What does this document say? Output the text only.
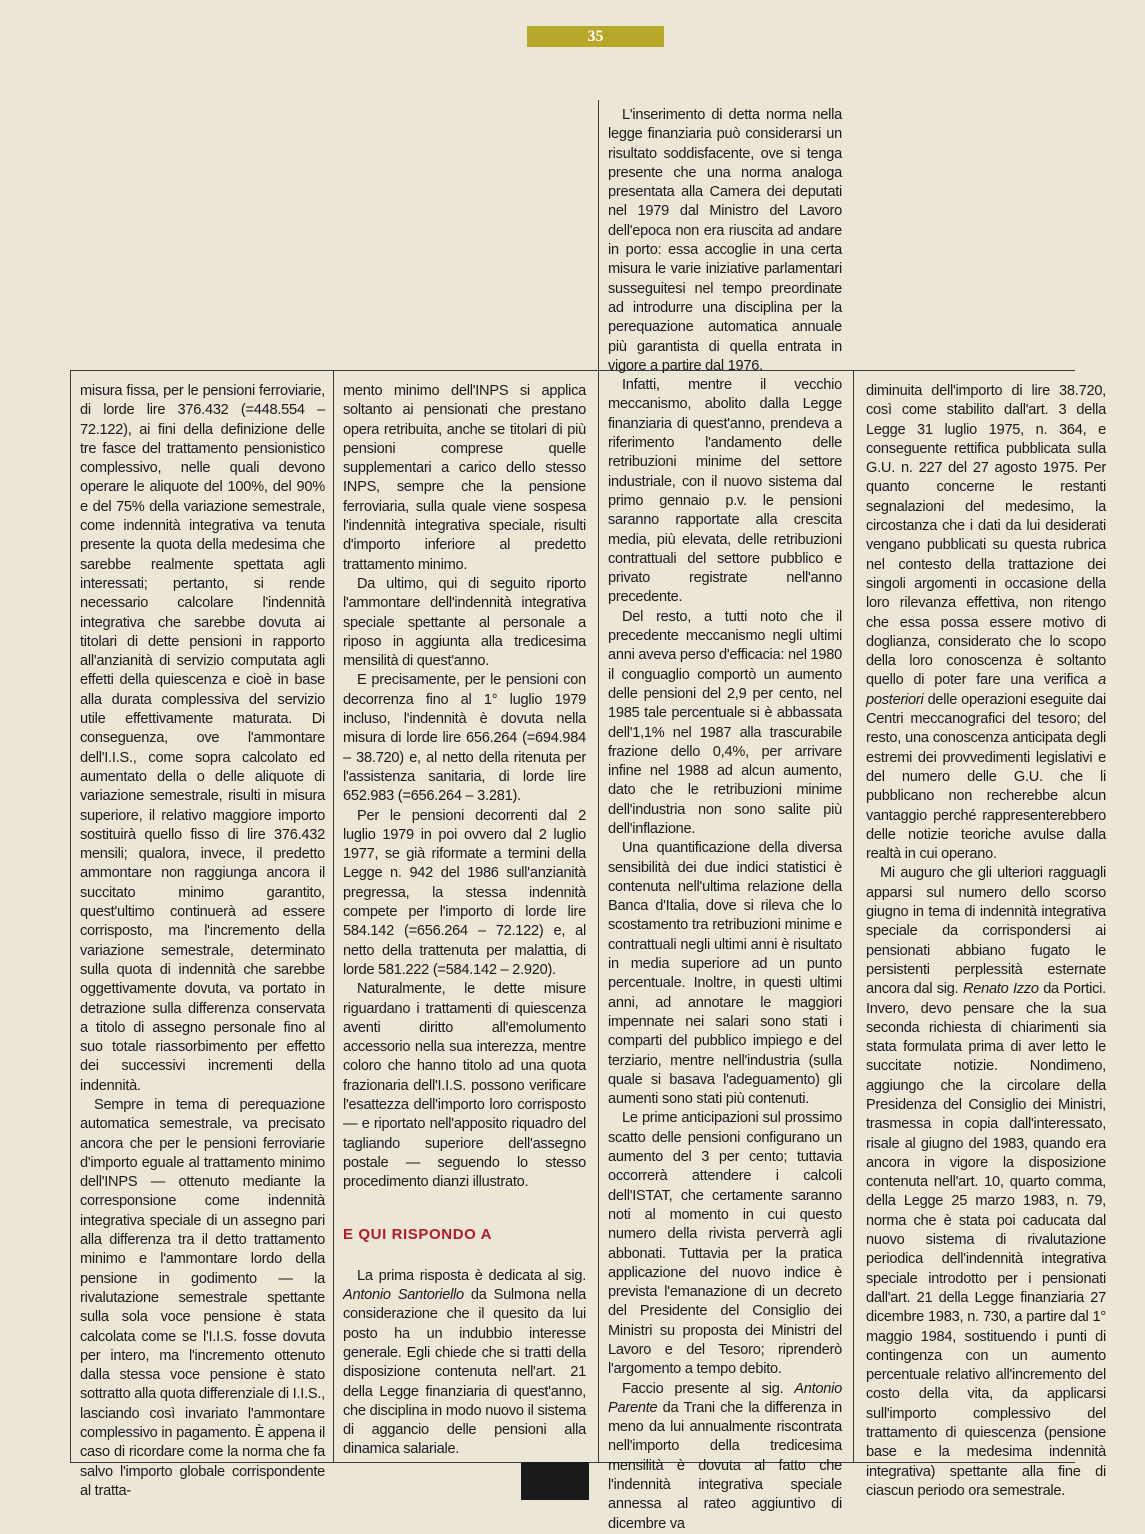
35

misura fissa, per le pensioni ferroviarie, di lorde lire 376.432 (=448.554 – 72.122), ai fini della definizione delle tre fasce del trattamento pensionistico complessivo, nelle quali devono operare le aliquote del 100%, del 90% e del 75% della variazione semestrale, come indennità integrativa va tenuta presente la quota della medesima che sarebbe realmente spettata agli interessati; pertanto, si rende necessario calcolare l'indennità integrativa che sarebbe dovuta ai titolari di dette pensioni in rapporto all'anzianità di servizio computata agli effetti della quiescenza e cioè in base alla durata complessiva del servizio utile effettivamente maturata. Di conseguenza, ove l'ammontare dell'I.I.S., come sopra calcolato ed aumentato della o delle aliquote di variazione semestrale, risulti in misura superiore, il relativo maggiore importo sostituirà quello fisso di lire 376.432 mensili; qualora, invece, il predetto ammontare non raggiunga ancora il succitato minimo garantito, quest'ultimo continuerà ad essere corrisposto, ma l'incremento della variazione semestrale, determinato sulla quota di indennità che sarebbe oggettivamente dovuta, va portato in detrazione sulla differenza conservata a titolo di assegno personale fino al suo totale riassorbimento per effetto dei successivi incrementi della indennità.

Sempre in tema di perequazione automatica semestrale, va precisato ancora che per le pensioni ferroviarie d'importo eguale al trattamento minimo dell'INPS — ottenuto mediante la corresponsione come indennità integrativa speciale di un assegno pari alla differenza tra il detto trattamento minimo e l'ammontare lordo della pensione in godimento — la rivalutazione semestrale spettante sulla sola voce pensione è stata calcolata come se l'I.I.S. fosse dovuta per intero, ma l'incremento ottenuto dalla stessa voce pensione è stato sottratto alla quota differenziale di I.I.S., lasciando così invariato l'ammontare complessivo in pagamento. È appena il caso di ricordare come la norma che fa salvo l'importo globale corrispondente al tratta-

mento minimo dell'INPS si applica soltanto ai pensionati che prestano opera retribuita, anche se titolari di più pensioni comprese quelle supplementari a carico dello stesso INPS, sempre che la pensione ferroviaria, sulla quale viene sospesa l'indennità integrativa speciale, risulti d'importo inferiore al predetto trattamento minimo.

Da ultimo, qui di seguito riporto l'ammontare dell'indennità integrativa speciale spettante al personale a riposo in aggiunta alla tredicesima mensilità di quest'anno.

E precisamente, per le pensioni con decorrenza fino al 1° luglio 1979 incluso, l'indennità è dovuta nella misura di lorde lire 656.264 (=694.984 – 38.720) e, al netto della ritenuta per l'assistenza sanitaria, di lorde lire 652.983 (=656.264 – 3.281).

Per le pensioni decorrenti dal 2 luglio 1979 in poi ovvero dal 2 luglio 1977, se già riformate a termini della Legge n. 942 del 1986 sull'anzianità pregressa, la stessa indennità compete per l'importo di lorde lire 584.142 (=656.264 – 72.122) e, al netto della trattenuta per malattia, di lorde 581.222 (=584.142 – 2.920).

Naturalmente, le dette misure riguardano i trattamenti di quiescenza aventi diritto all'emolumento accessorio nella sua interezza, mentre coloro che hanno titolo ad una quota frazionaria dell'I.I.S. possono verificare l'esattezza dell'importo loro corrisposto — e riportato nell'apposito riquadro del tagliando superiore dell'assegno postale — seguendo lo stesso procedimento dianzi illustrato.

E QUI RISPONDO A

La prima risposta è dedicata al sig. Antonio Santoriello da Sulmona nella considerazione che il quesito da lui posto ha un indubbio interesse generale. Egli chiede che si tratti della disposizione contenuta nell'art. 21 della Legge finanziaria di quest'anno, che disciplina in modo nuovo il sistema di aggancio delle pensioni alla dinamica salariale.

L'inserimento di detta norma nella legge finanziaria può considerarsi un risultato soddisfacente, ove si tenga presente che una norma analoga presentata alla Camera dei deputati nel 1979 dal Ministro del Lavoro dell'epoca non era riuscita ad andare in porto: essa accoglie in una certa misura le varie iniziative parlamentari susseguitesi nel tempo preordinate ad introdurre una disciplina per la perequazione automatica annuale più garantista di quella entrata in vigore a partire dal 1976.

Infatti, mentre il vecchio meccanismo, abolito dalla Legge finanziaria di quest'anno, prendeva a riferimento l'andamento delle retribuzioni minime del settore industriale, con il nuovo sistema dal primo gennaio p.v. le pensioni saranno rapportate alla crescita media, più elevata, delle retribuzioni contrattuali del settore pubblico e privato registrate nell'anno precedente.

Del resto, a tutti noto che il precedente meccanismo negli ultimi anni aveva perso d'efficacia: nel 1980 il conguaglio comportò un aumento delle pensioni del 2,9 per cento, nel 1985 tale percentuale si è abbassata dell'1,1% nel 1987 alla trascurabile frazione dello 0,4%, per arrivare infine nel 1988 ad alcun aumento, dato che le retribuzioni minime dell'industria non sono salite più dell'inflazione.

Una quantificazione della diversa sensibilità dei due indici statistici è contenuta nell'ultima relazione della Banca d'Italia, dove si rileva che lo scostamento tra retribuzioni minime e contrattuali negli ultimi anni è risultato in media superiore ad un punto percentuale. Inoltre, in questi ultimi anni, ad annotare le maggiori impennate nei salari sono stati i comparti del pubblico impiego e del terziario, mentre nell'industria (sulla quale si basava l'adeguamento) gli aumenti sono stati più contenuti.

Le prime anticipazioni sul prossimo scatto delle pensioni configurano un aumento del 3 per cento; tuttavia occorrerà attendere i calcoli dell'ISTAT, che certamente saranno noti al momento in cui questo numero della rivista perverrà agli abbonati. Tuttavia per la pratica applicazione del nuovo indice è prevista l'emanazione di un decreto del Presidente del Consiglio dei Ministri su proposta dei Ministri del Lavoro e del Tesoro; riprenderò l'argomento a tempo debito.

Faccio presente al sig. Antonio Parente da Trani che la differenza in meno da lui annualmente riscontrata nell'importo della tredicesima mensilità è dovuta al fatto che l'indennità integrativa speciale annessa al rateo aggiuntivo di dicembre va

diminuita dell'importo di lire 38.720, così come stabilito dall'art. 3 della Legge 31 luglio 1975, n. 364, e conseguente rettifica pubblicata sulla G.U. n. 227 del 27 agosto 1975. Per quanto concerne le restanti segnalazioni del medesimo, la circostanza che i dati da lui desiderati vengano pubblicati su questa rubrica nel contesto della trattazione dei singoli argomenti in occasione della loro rilevanza effettiva, non ritengo che essa possa essere motivo di doglianza, considerato che lo scopo della loro conoscenza è soltanto quello di poter fare una verifica a posteriori delle operazioni eseguite dai Centri meccanografici del tesoro; del resto, una conoscenza anticipata degli estremi dei provvedimenti legislativi e del numero delle G.U. che li pubblicano non recherebbe alcun vantaggio perché rappresenterebbero delle notizie teoriche avulse dalla realtà in cui operano.

Mi auguro che gli ulteriori ragguagli apparsi sul numero dello scorso giugno in tema di indennità integrativa speciale da corrispondersi ai pensionati abbiano fugato le persistenti perplessità esternate ancora dal sig. Renato Izzo da Portici. Invero, devo pensare che la sua seconda richiesta di chiarimenti sia stata formulata prima di aver letto le succitate notizie. Nondimeno, aggiungo che la circolare della Presidenza del Consiglio dei Ministri, trasmessa in copia dall'interessato, risale al giugno del 1983, quando era ancora in vigore la disposizione contenuta nell'art. 10, quarto comma, della Legge 25 marzo 1983, n. 79, norma che è stata poi caducata dal nuovo sistema di rivalutazione periodica dell'indennità integrativa speciale introdotto per i pensionati dall'art. 21 della Legge finanziaria 27 dicembre 1983, n. 730, a partire dal 1° maggio 1984, sostituendo i punti di contingenza con un aumento percentuale relativo all'incremento del costo della vita, da applicarsi sull'importo complessivo del trattamento di quiescenza (pensione base e la medesima indennità integrativa) spettante alla fine di ciascun periodo ora semestrale.
